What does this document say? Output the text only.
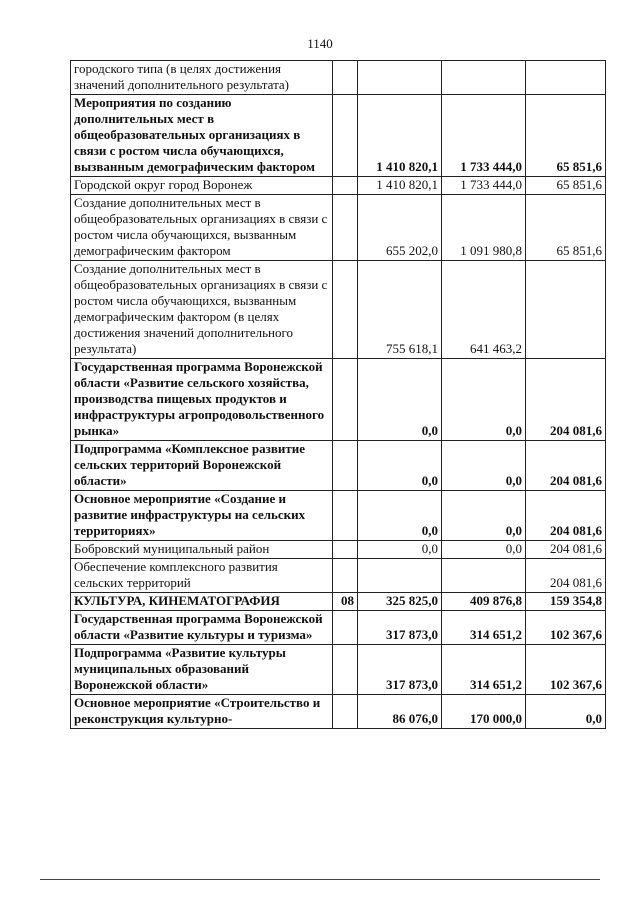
1140
городского типа (в целях достижения значений дополнительного результата)				
Мероприятия по созданию дополнительных мест в общеобразовательных организациях в связи с ростом числа обучающихся, вызванным демографическим фактором		1 410 820,1	1 733 444,0	65 851,6
Городской округ город Воронеж		1 410 820,1	1 733 444,0	65 851,6
Создание дополнительных мест в общеобразовательных организациях в связи с ростом числа обучающихся, вызванным демографическим фактором		655 202,0	1 091 980,8	65 851,6
Создание дополнительных мест в общеобразовательных организациях в связи с ростом числа обучающихся, вызванным демографическим фактором (в целях достижения значений дополнительного результата)		755 618,1	641 463,2	
Государственная программа Воронежской области «Развитие сельского хозяйства, производства пищевых продуктов и инфраструктуры агропродовольственного рынка»		0,0	0,0	204 081,6
Подпрограмма «Комплексное развитие сельских территорий Воронежской области»		0,0	0,0	204 081,6
Основное мероприятие «Создание и развитие инфраструктуры на сельских территориях»		0,0	0,0	204 081,6
Бобровский муниципальный район		0,0	0,0	204 081,6
Обеспечение комплексного развития сельских территорий				204 081,6
КУЛЬТУРА, КИНЕМАТОГРАФИЯ	08	325 825,0	409 876,8	159 354,8
Государственная программа Воронежской области «Развитие культуры и туризма»		317 873,0	314 651,2	102 367,6
Подпрограмма «Развитие культуры муниципальных образований Воронежской области»		317 873,0	314 651,2	102 367,6
Основное мероприятие «Строительство и реконструкция культурно-		86 076,0	170 000,0	0,0
